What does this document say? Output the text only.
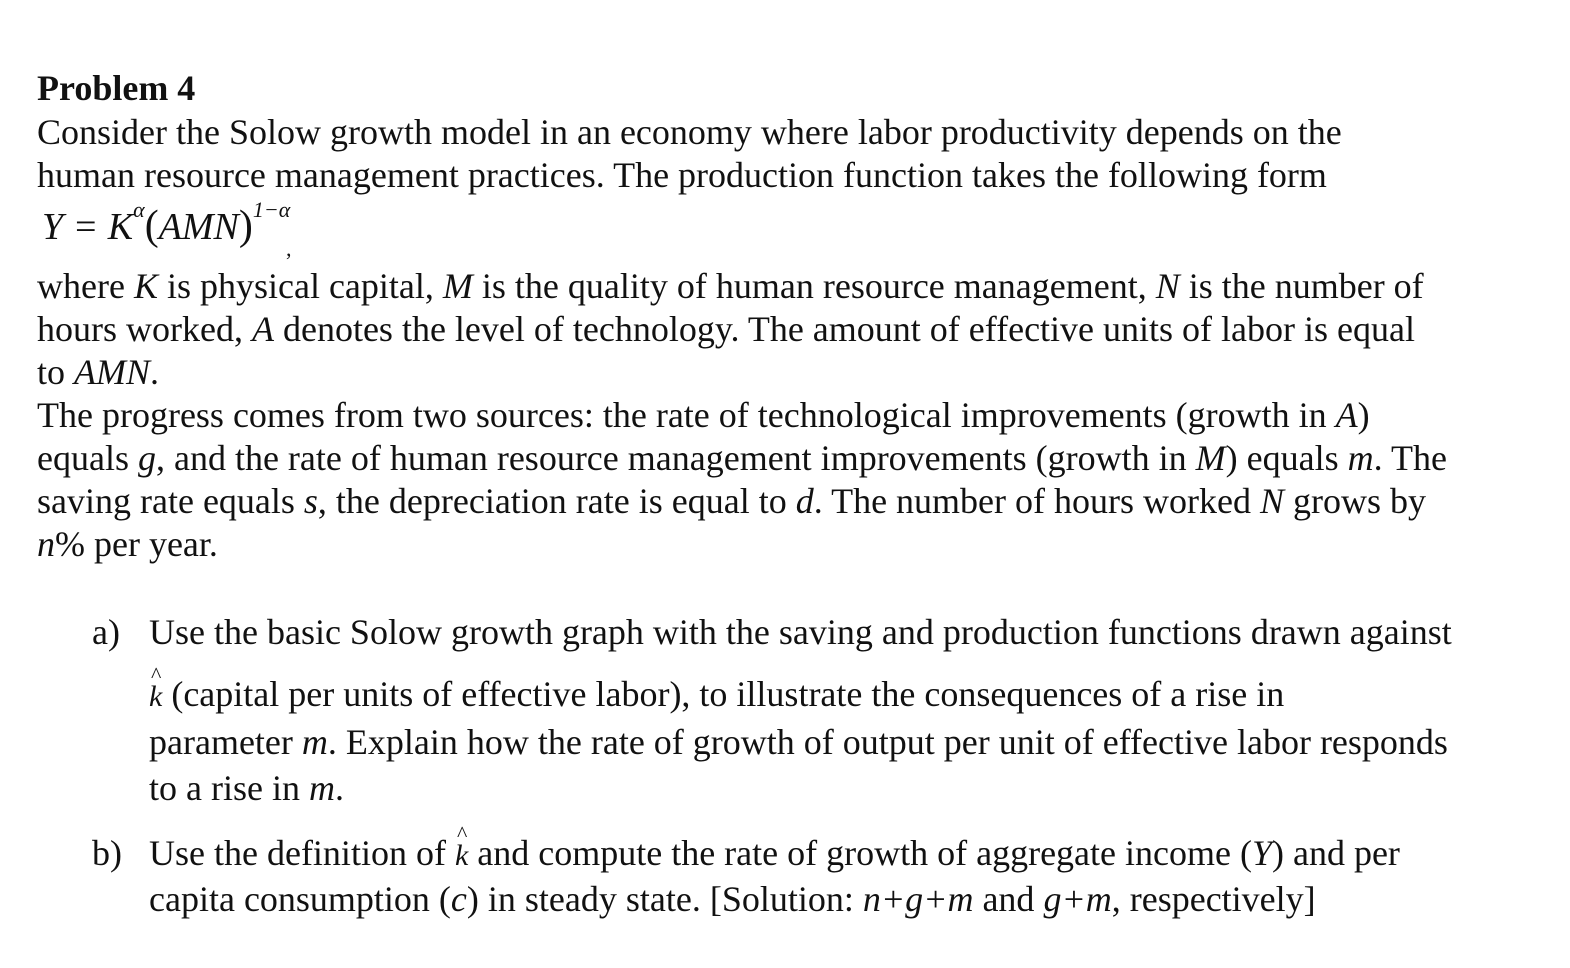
Problem 4
Consider the Solow growth model in an economy where labor productivity depends on the
human resource management practices. The production function takes the following form
$Y = K^\alpha(AMN)^{1-\alpha}$
,
where K is physical capital, M is the quality of human resource management, N is the number of
hours worked, A denotes the level of technology. The amount of effective units of labor is equal
to AMN.
The progress comes from two sources: the rate of technological improvements (growth in A)
equals g, and the rate of human resource management improvements (growth in M) equals m. The
saving rate equals s, the depreciation rate is equal to d. The number of hours worked N grows by
n% per year.
a) Use the basic Solow growth graph with the saving and production functions drawn against
^ k (capital per units of effective labor), to illustrate the consequences of a rise in
parameter m. Explain how the rate of growth of output per unit of effective labor responds
to a rise in m.
b) Use the definition of ^ k and compute the rate of growth of aggregate income (Y) and per
capita consumption (c) in steady state. [Solution: n+g+m and g+m, respectively]
